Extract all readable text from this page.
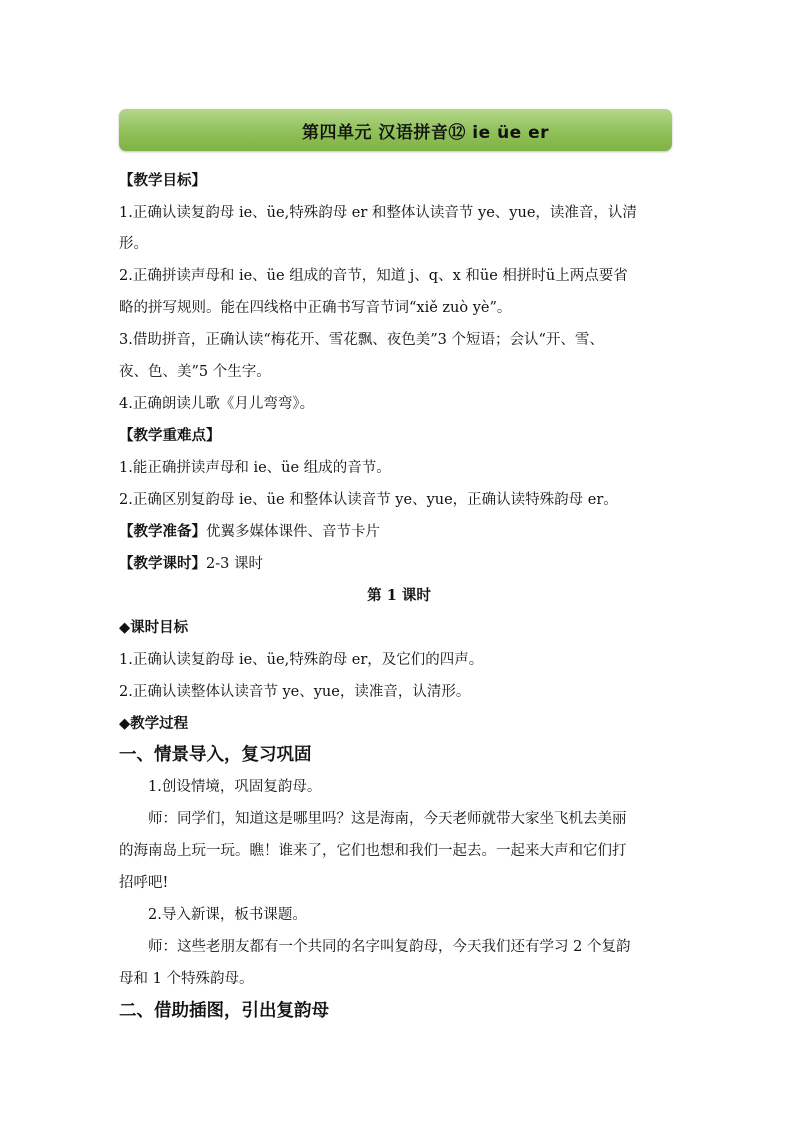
第四单元 汉语拼音⑫ ie üe er
【教学目标】
1.正确认读复韵母 ie、üe,特殊韵母 er 和整体认读音节 ye、yue，读准音，认清
形。
2.正确拼读声母和 ie、üe 组成的音节，知道 j、q、x 和üe 相拼时ü上两点要省
略的拼写规则。能在四线格中正确书写音节词“xiě zuò yè”。
3.借助拼音，正确认读“梅花开、雪花飘、夜色美”3 个短语；会认“开、雪、
夜、色、美”5 个生字。
4.正确朗读儿歌《月儿弯弯》。
【教学重难点】
1.能正确拼读声母和 ie、üe 组成的音节。
2.正确区别复韵母 ie、üe 和整体认读音节 ye、yue，正确认读特殊韵母 er。
【教学准备】优翼多媒体课件、音节卡片
【教学课时】2-3 课时
第 1 课时
◆课时目标
1.正确认读复韵母 ie、üe,特殊韵母 er，及它们的四声。
2.正确认读整体认读音节 ye、yue，读准音，认清形。
◆教学过程
一、情景导入，复习巩固
1.创设情境，巩固复韵母。
师：同学们，知道这是哪里吗？这是海南，今天老师就带大家坐飞机去美丽
的海南岛上玩一玩。瞧！谁来了，它们也想和我们一起去。一起来大声和它们打
招呼吧!
2.导入新课，板书课题。
师：这些老朋友都有一个共同的名字叫复韵母，今天我们还有学习 2 个复韵
母和 1 个特殊韵母。
二、借助插图，引出复韵母
